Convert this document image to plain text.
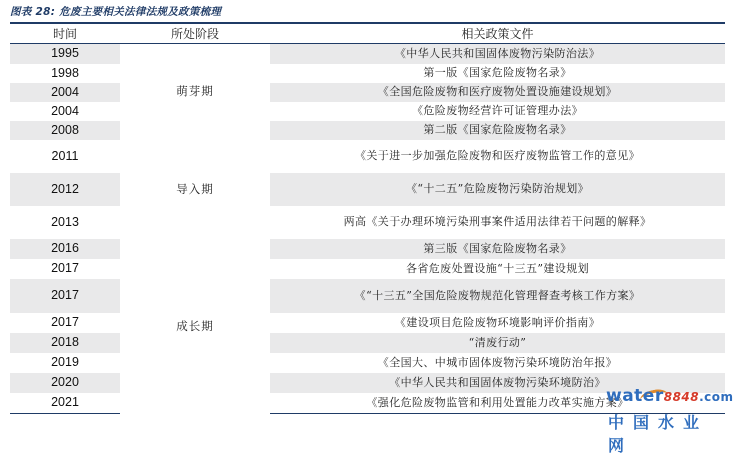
图表 28: 危废主要相关法律法规及政策梳理
时间	所处阶段	相关政策文件
1995	萌芽期	《中华人民共和国固体废物污染防治法》
1998		第一版《国家危险废物名录》
2004		《全国危险废物和医疗废物处置设施建设规划》
2004		《危险废物经营许可证管理办法》
2008		第二版《国家危险废物名录》
2011	导入期	《关于进一步加强危险废物和医疗废物监管工作的意见》
2012		《“十二五”危险废物污染防治规划》
2013		两高《关于办理环境污染刑事案件适用法律若干问题的解释》
2016	成长期	第三版《国家危险废物名录》
2017		各省危废处置设施“十三五”建设规划
2017		《“十三五”全国危险废物规范化管理督查考核工作方案》
2017		《建设项目危险废物环境影响评价指南》
2018		“清废行动”
2019		《全国大、中城市固体废物污染环境防治年报》
2020		《中华人民共和国固体废物污染环境防治》
2021		《强化危险废物监管和利用处置能力改革实施方案》
water8848.com
中国水业网
